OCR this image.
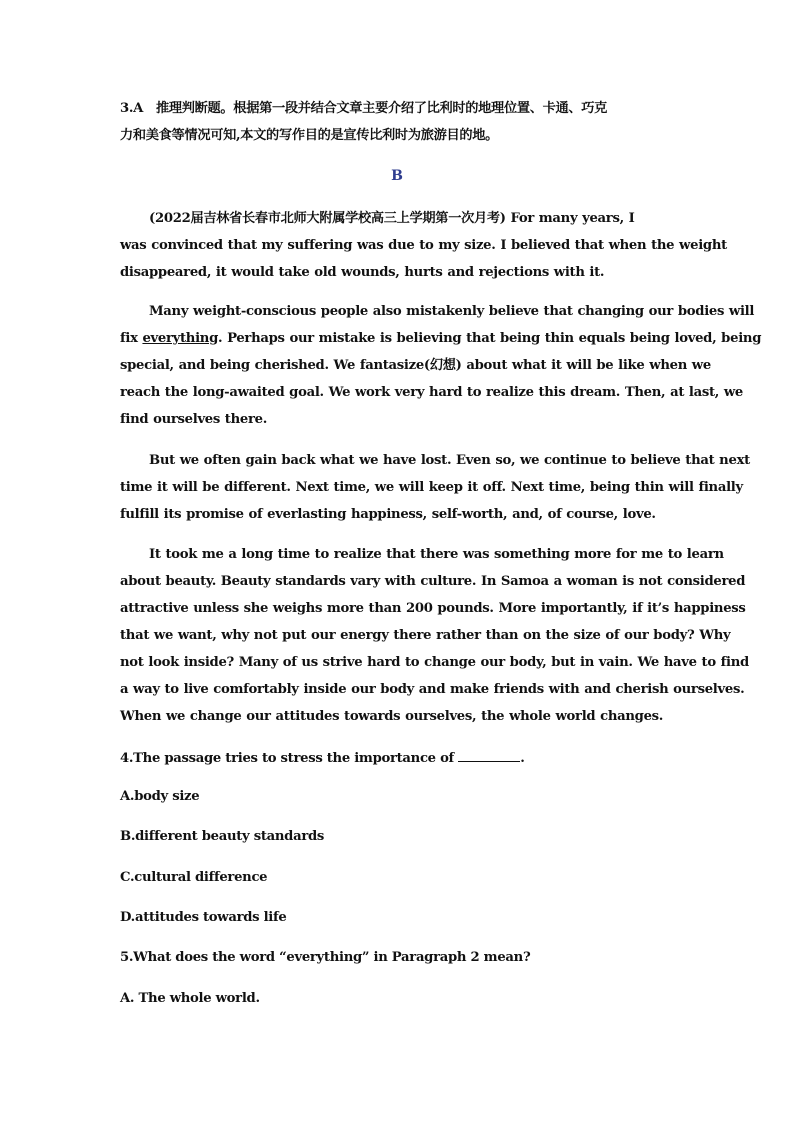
3.A　推理判断题。根据第一段并结合文章主要介绍了比利时的地理位置、卡通、巧克
力和美食等情况可知,本文的写作目的是宣传比利时为旅游目的地。
B
(2022届吉林省长春市北师大附属学校高三上学期第一次月考) For many years, I
was convinced that my suffering was due to my size. I believed that when the weight
disappeared, it would take old wounds, hurts and rejections with it.
Many weight-conscious people also mistakenly believe that changing our bodies will
fix everything. Perhaps our mistake is believing that being thin equals being loved, being
special, and being cherished. We fantasize(幻想) about what it will be like when we
reach the long-awaited goal. We work very hard to realize this dream. Then, at last, we
find ourselves there.
But we often gain back what we have lost. Even so, we continue to believe that next
time it will be different. Next time, we will keep it off. Next time, being thin will finally
fulfill its promise of everlasting happiness, self-worth, and, of course, love.
It took me a long time to realize that there was something more for me to learn
about beauty. Beauty standards vary with culture. In Samoa a woman is not considered
attractive unless she weighs more than 200 pounds. More importantly, if it’s happiness
that we want, why not put our energy there rather than on the size of our body? Why
not look inside? Many of us strive hard to change our body, but in vain. We have to find
a way to live comfortably inside our body and make friends with and cherish ourselves.
When we change our attitudes towards ourselves, the whole world changes.
4.The passage tries to stress the importance of	.
A.body size
B.different beauty standards
C.cultural difference
D.attitudes towards life
5.What does the word “everything” in Paragraph 2 mean?
A. The whole world.
